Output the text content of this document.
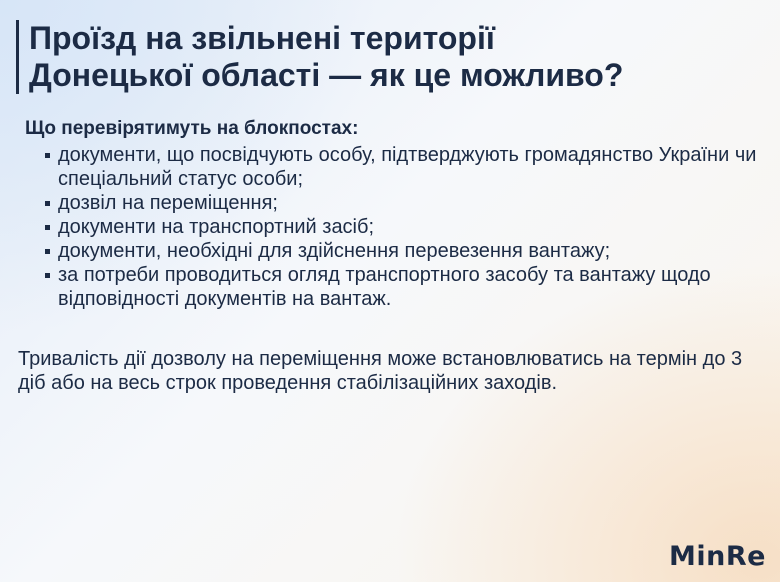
Проїзд на звільнені території
Донецької області — як це можливо?
Що перевірятимуть на блокпостах:
документи, що посвідчують особу, підтверджують громадянство України чи спеціальний статус особи;
дозвіл на переміщення;
документи на транспортний засіб;
документи, необхідні для здійснення перевезення вантажу;
за потреби проводиться огляд транспортного засобу та вантажу щодо відповідності документів на вантаж.
Тривалість дії дозволу на переміщення може встановлюватись на термін до 3 діб або на весь строк проведення стабілізаційних заходів.
MinRe
